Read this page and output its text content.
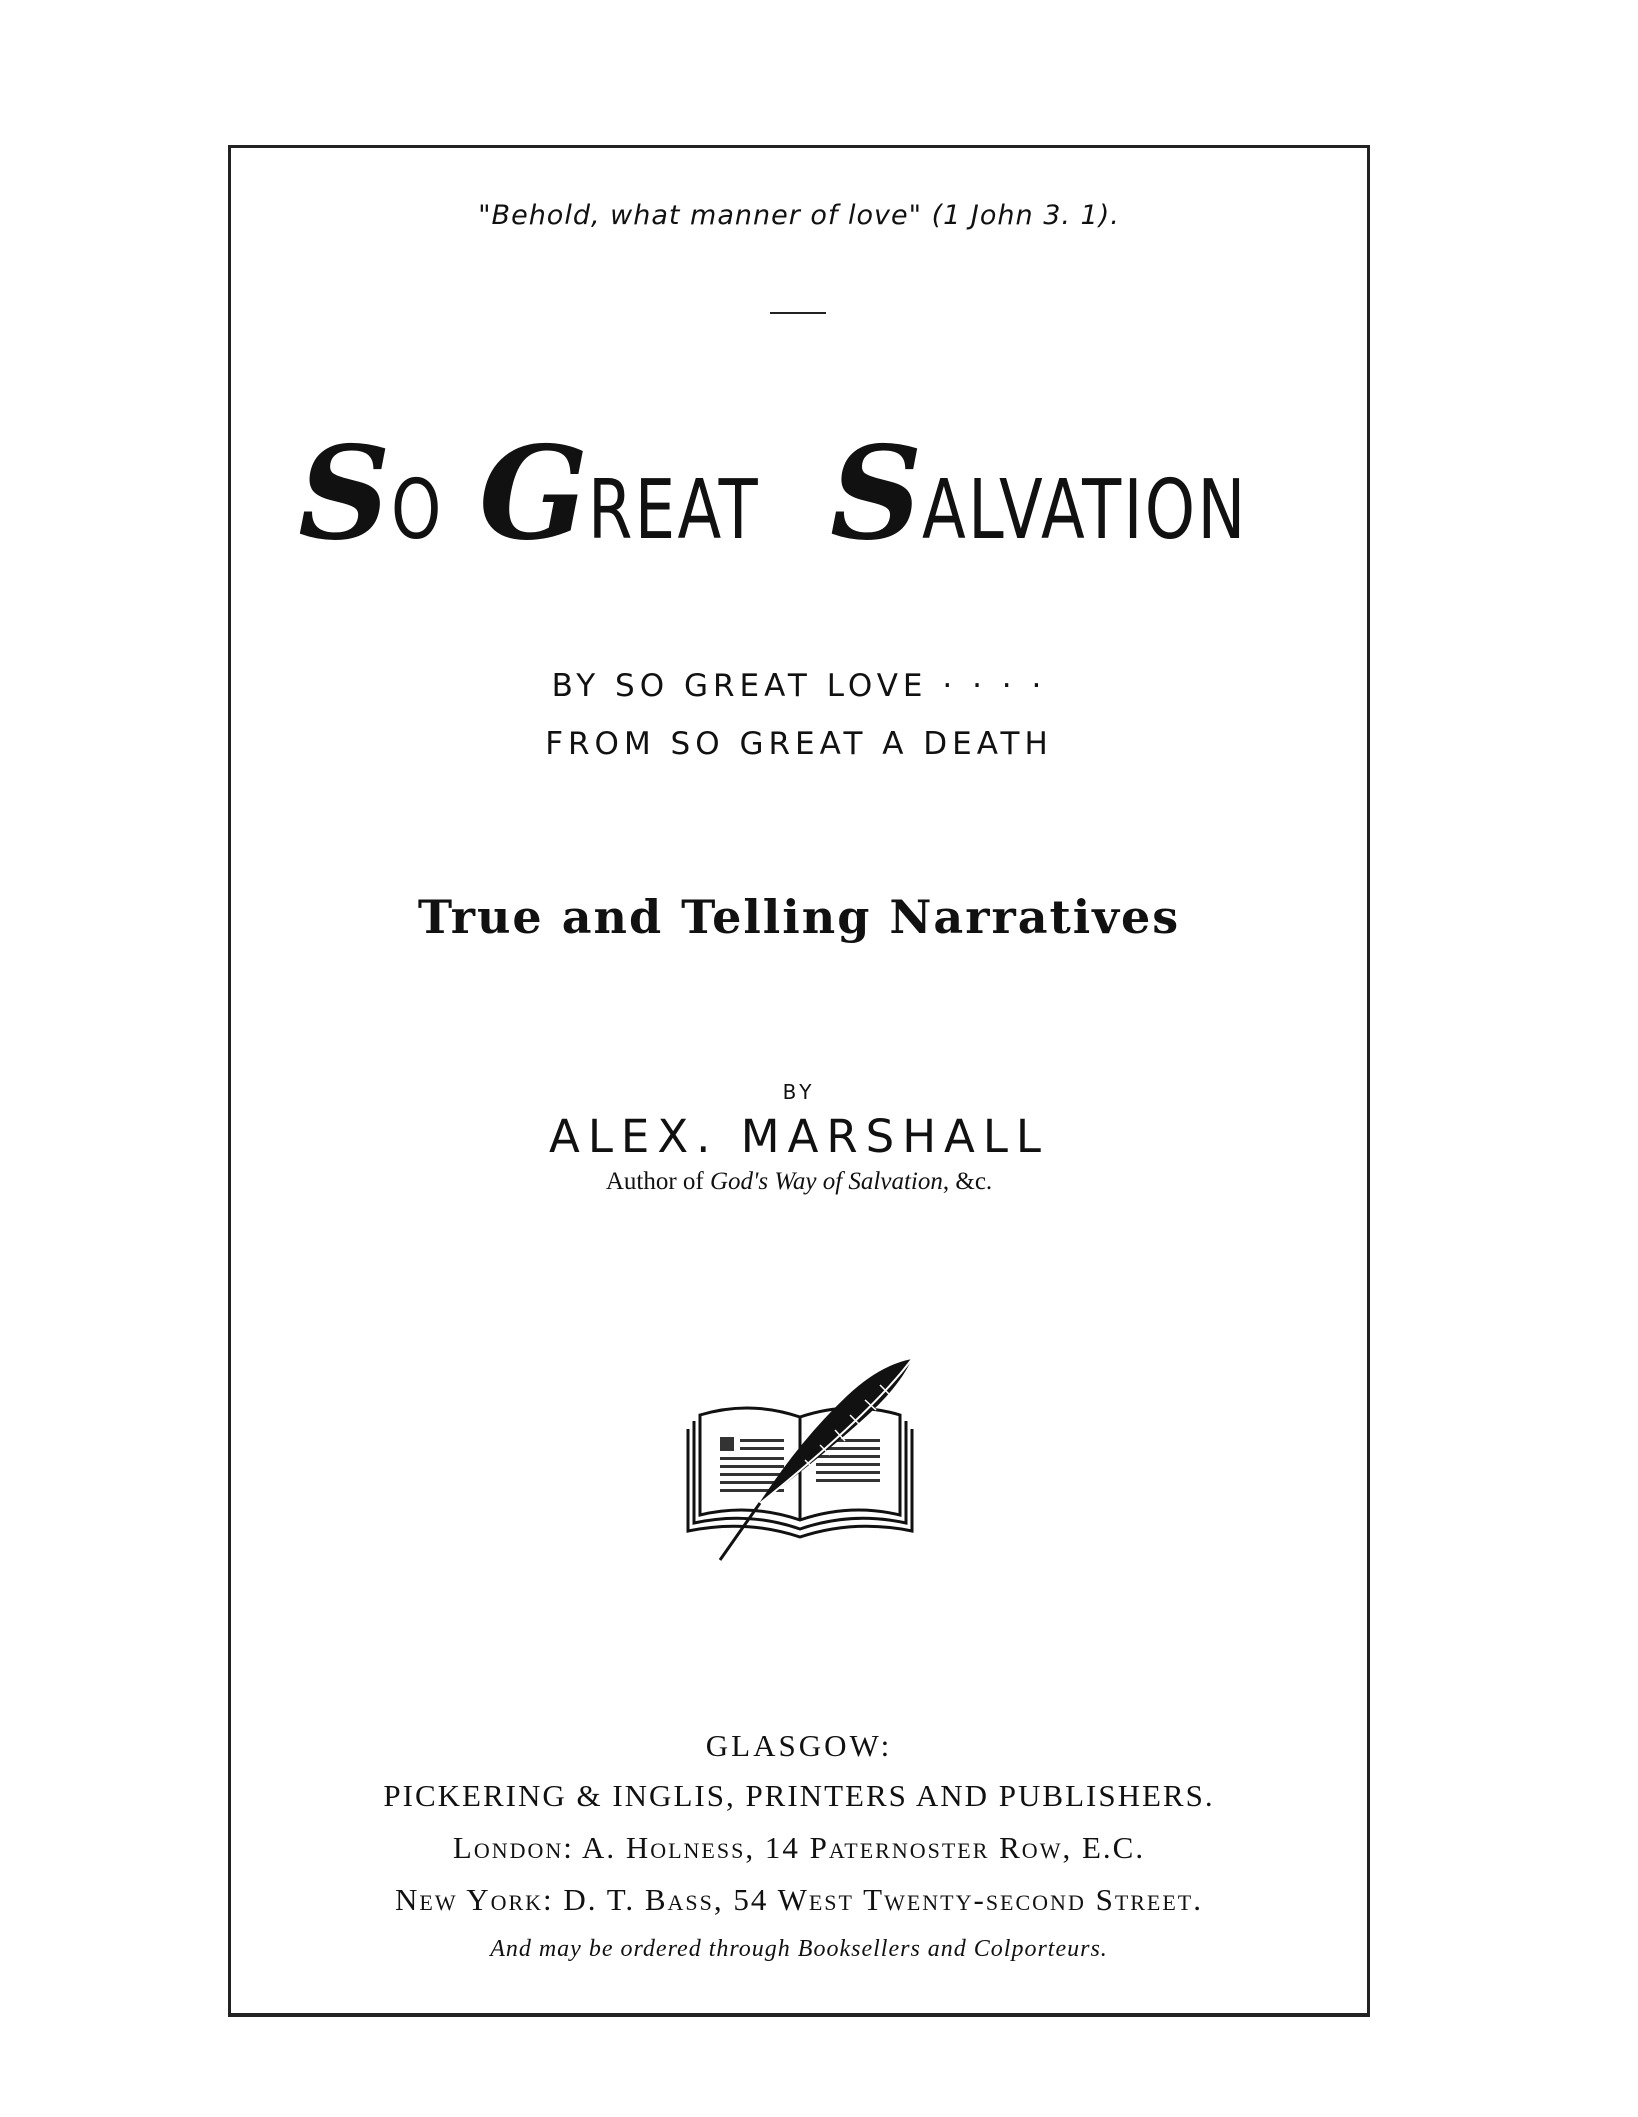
"Behold, what manner of love" (1 John 3. 1).
SO GREAT SALVATION
BY SO GREAT LOVE · · · ·
FROM SO GREAT A DEATH
True and Telling Narratives
BY
ALEX. MARSHALL
Author of God's Way of Salvation, &c.
GLASGOW:
PICKERING & INGLIS, PRINTERS AND PUBLISHERS.
London: A. Holness, 14 Paternoster Row, E.C.
New York: D. T. Bass, 54 West Twenty-second Street.
And may be ordered through Booksellers and Colporteurs.
